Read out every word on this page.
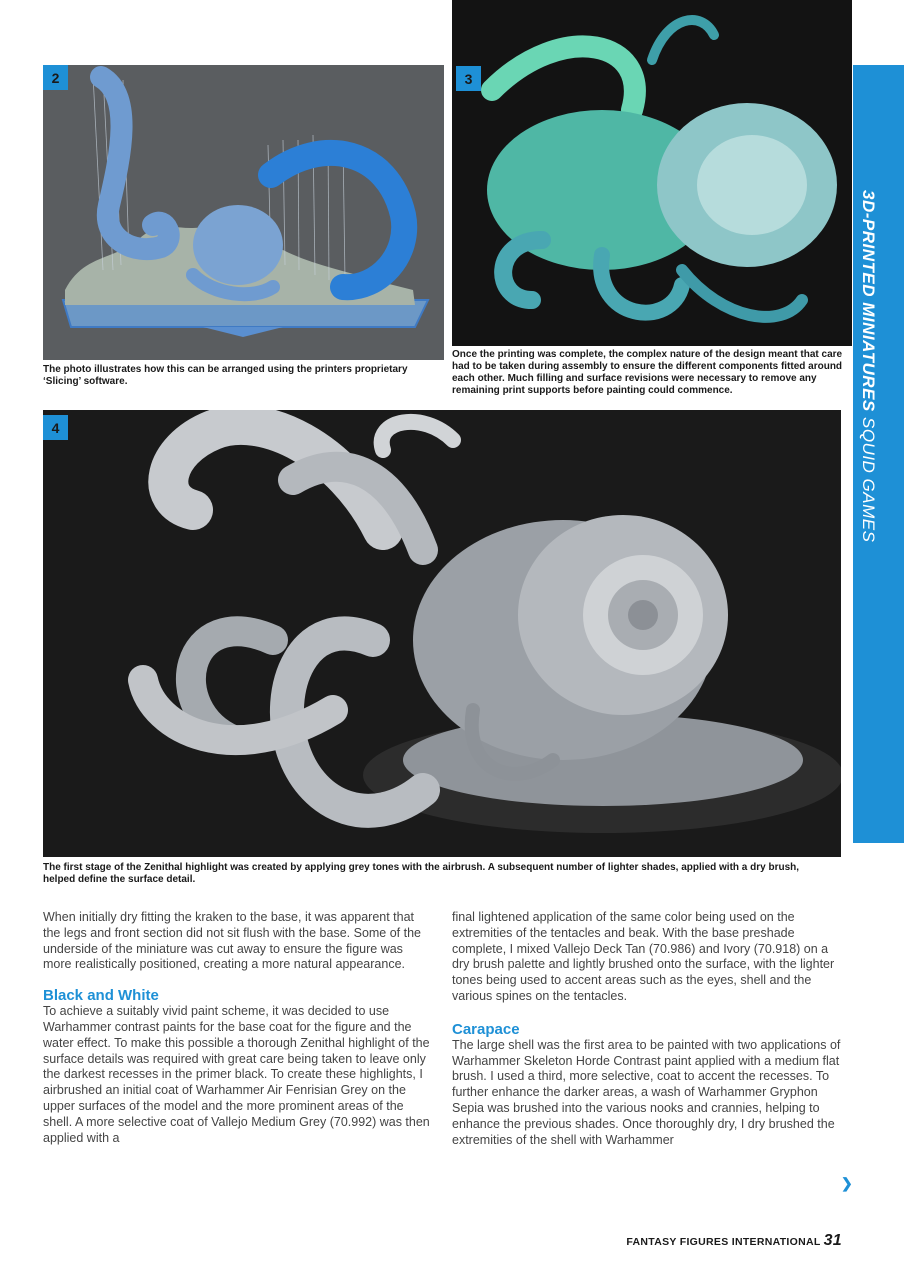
3D-PRINTED MINIATURES SQUID GAMES
2
The photo illustrates how this can be arranged using the printers proprietary ‘Slicing’ software.
3
Once the printing was complete, the complex nature of the design meant that care had to be taken during assembly to ensure the different components fitted around each other. Much filling and surface revisions were necessary to remove any remaining print supports before painting could commence.
4
The first stage of the Zenithal highlight was created by applying grey tones with the airbrush. A subsequent number of lighter shades, applied with a dry brush, helped define the surface detail.

When initially dry fitting the kraken to the base, it was apparent that the legs and front section did not sit flush with the base. Some of the underside of the miniature was cut away to ensure the figure was more realistically positioned, creating a more natural appearance.

Black and White

To achieve a suitably vivid paint scheme, it was decided to use Warhammer contrast paints for the base coat for the figure and the water effect. To make this possible a thorough Zenithal highlight of the surface details was required with great care being taken to leave only the darkest recesses in the primer black. To create these highlights, I airbrushed an initial coat of Warhammer Air Fenrisian Grey on the upper surfaces of the model and the more prominent areas of the shell. A more selective coat of Vallejo Medium Grey (70.992) was then applied with a

final lightened application of the same color being used on the extremities of the tentacles and beak. With the base preshade complete, I mixed Vallejo Deck Tan (70.986) and Ivory (70.918) on a dry brush palette and lightly brushed onto the surface, with the lighter tones being used to accent areas such as the eyes, shell and the various spines on the tentacles.

Carapace

The large shell was the first area to be painted with two applications of Warhammer Skeleton Horde Contrast paint applied with a medium flat brush. I used a third, more selective, coat to accent the recesses. To further enhance the darker areas, a wash of Warhammer Gryphon Sepia was brushed into the various nooks and crannies, helping to enhance the previous shades. Once thoroughly dry, I dry brushed the extremities of the shell with Warhammer

❯
FANTASY FIGURES INTERNATIONAL 31
